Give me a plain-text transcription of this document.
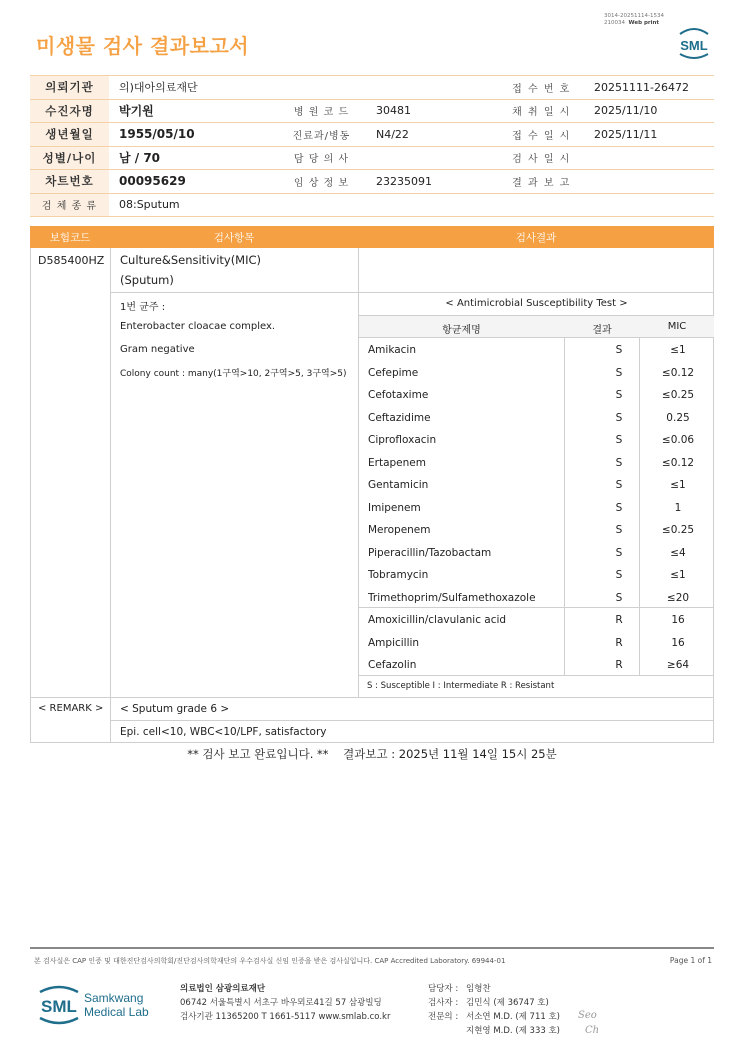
3014-20251114-1534
210034 Web print
미생물 검사 결과보고서	SML
의뢰기관	의)대아의료재단			접 수 번 호	20251111-26472
수진자명	박기원	병 원 코 드	30481	채 취 일 시	2025/11/10
생년월일	1955/05/10	진료과/병동	N4/22	접 수 일 시	2025/11/11
성별/나이	남 / 70	담 당 의 사		검 사 일 시	
차트번호	00095629	임 상 정 보	23235091	결 과 보 고	
검 체 종 류	08:Sputum				
보험코드	검사항목	검사결과
D585400HZ Culture&Sensitivity(MIC)
(Sputum)
1번 균주 :
Enterobacter cloacae complex.
Gram negative
Colony count : many(1구역>10, 2구역>5, 3구역>5)
< Antimicrobial Susceptibility Test >
항균제명	결과	MIC
Amikacin	S	≤1
Cefepime	S	≤0.12
Cefotaxime	S	≤0.25
Ceftazidime	S	0.25
Ciprofloxacin	S	≤0.06
Ertapenem	S	≤0.12
Gentamicin	S	≤1
Imipenem	S	1
Meropenem	S	≤0.25
Piperacillin/Tazobactam	S	≤4
Tobramycin	S	≤1
Trimethoprim/Sulfamethoxazole	S	≤20
Amoxicillin/clavulanic acid	R	16
Ampicillin	R	16
Cefazolin	R	≥64
S : Susceptible I : Intermediate R : Resistant
< REMARK > < Sputum grade 6 >
Epi. cell<10, WBC<10/LPF, satisfactory
** 검사 보고 완료입니다. **    결과보고 : 2025년 11월 14일 15시 25분
본 검사실은 CAP 인증 및 대한진단검사의학회/진단검사의학재단의 우수검사실 신임 인증을 받은 검사실입니다. CAP Accredited Laboratory. 69944-01	Page 1 of 1
SML Samkwang
Medical Lab
의료법인 삼광의료재단
06742 서울특별시 서초구 바우뫼로41길 57 삼광빌딩
검사기관 11365200 T 1661-5117 www.smlab.co.kr
담당자 : 임형찬
검사자 : 김민식 (제 36747 호)
전문의 : 서소연 M.D. (제 711 호)
지현영 M.D. (제 333 호)
Seo
Ch
